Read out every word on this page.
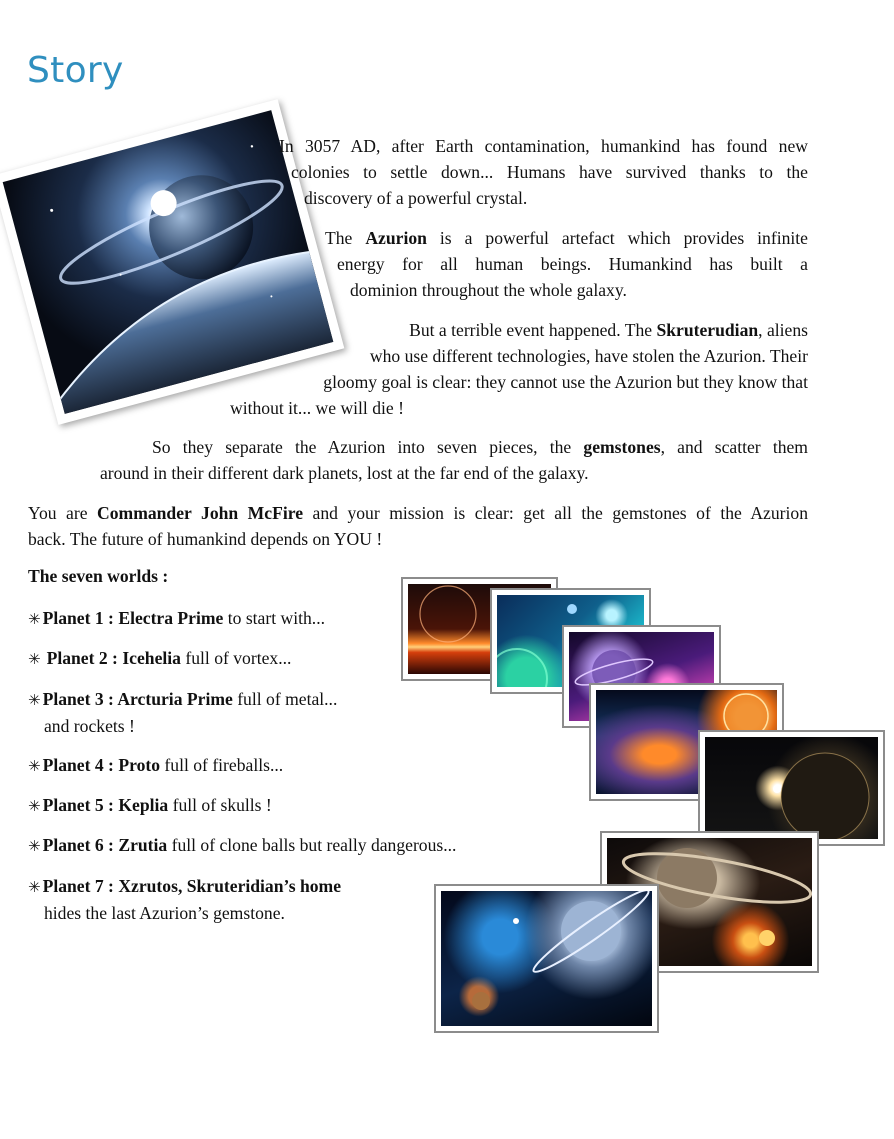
Story

In 3057 AD, after Earth contamination, humankind has found new
colonies to settle down... Humans have survived thanks to the
discovery of a powerful crystal.

The Azurion is a powerful artefact which provides infinite
energy for all human beings. Humankind has built a
dominion throughout the whole galaxy.

But a terrible event happened. The Skruterudian, aliens
who use different technologies, have stolen the Azurion. Their
gloomy goal is clear: they cannot use the Azurion but they know that
without it... we will die !

So they separate the Azurion into seven pieces, the gemstones, and scatter them
around in their different dark planets, lost at the far end of the galaxy.

You are Commander John McFire and your mission is clear: get all the gemstones of the Azurion
back. The future of humankind depends on YOU !

The seven worlds :

✳ Planet 1 : Electra Prime to start with...

✳ Planet 2 : Icehelia full of vortex...

✳ Planet 3 : Arcturia Prime full of metal...
and rockets !

✳ Planet 4 : Proto full of fireballs...

✳ Planet 5 : Keplia full of skulls !

✳ Planet 6 : Zrutia full of clone balls but really dangerous...

✳ Planet 7 : Xzrutos, Skruteridian’s home
hides the last Azurion’s gemstone.
